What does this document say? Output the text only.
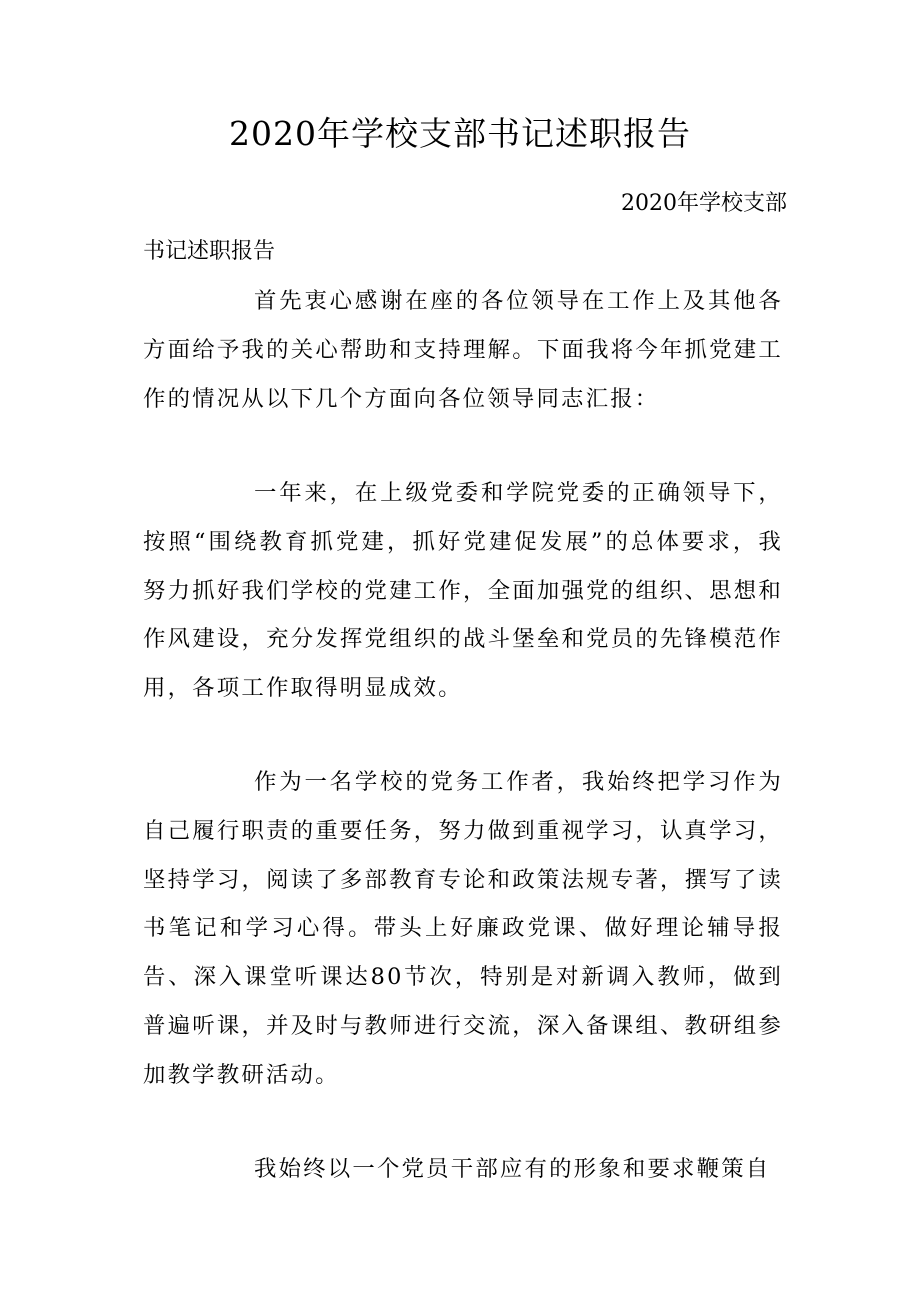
2020年学校支部书记述职报告
2020年学校支部
书记述职报告

首先衷心感谢在座的各位领导在工作上及其他各方面给予我的关心帮助和支持理解。下面我将今年抓党建工作的情况从以下几个方面向各位领导同志汇报：

一年来，在上级党委和学院党委的正确领导下，按照“围绕教育抓党建，抓好党建促发展”的总体要求，我努力抓好我们学校的党建工作，全面加强党的组织、思想和作风建设，充分发挥党组织的战斗堡垒和党员的先锋模范作用，各项工作取得明显成效。

作为一名学校的党务工作者，我始终把学习作为自己履行职责的重要任务，努力做到重视学习，认真学习，坚持学习，阅读了多部教育专论和政策法规专著，撰写了读书笔记和学习心得。带头上好廉政党课、做好理论辅导报告、深入课堂听课达80节次，特别是对新调入教师，做到普遍听课，并及时与教师进行交流，深入备课组、教研组参加教学教研活动。

我始终以一个党员干部应有的形象和要求鞭策自
